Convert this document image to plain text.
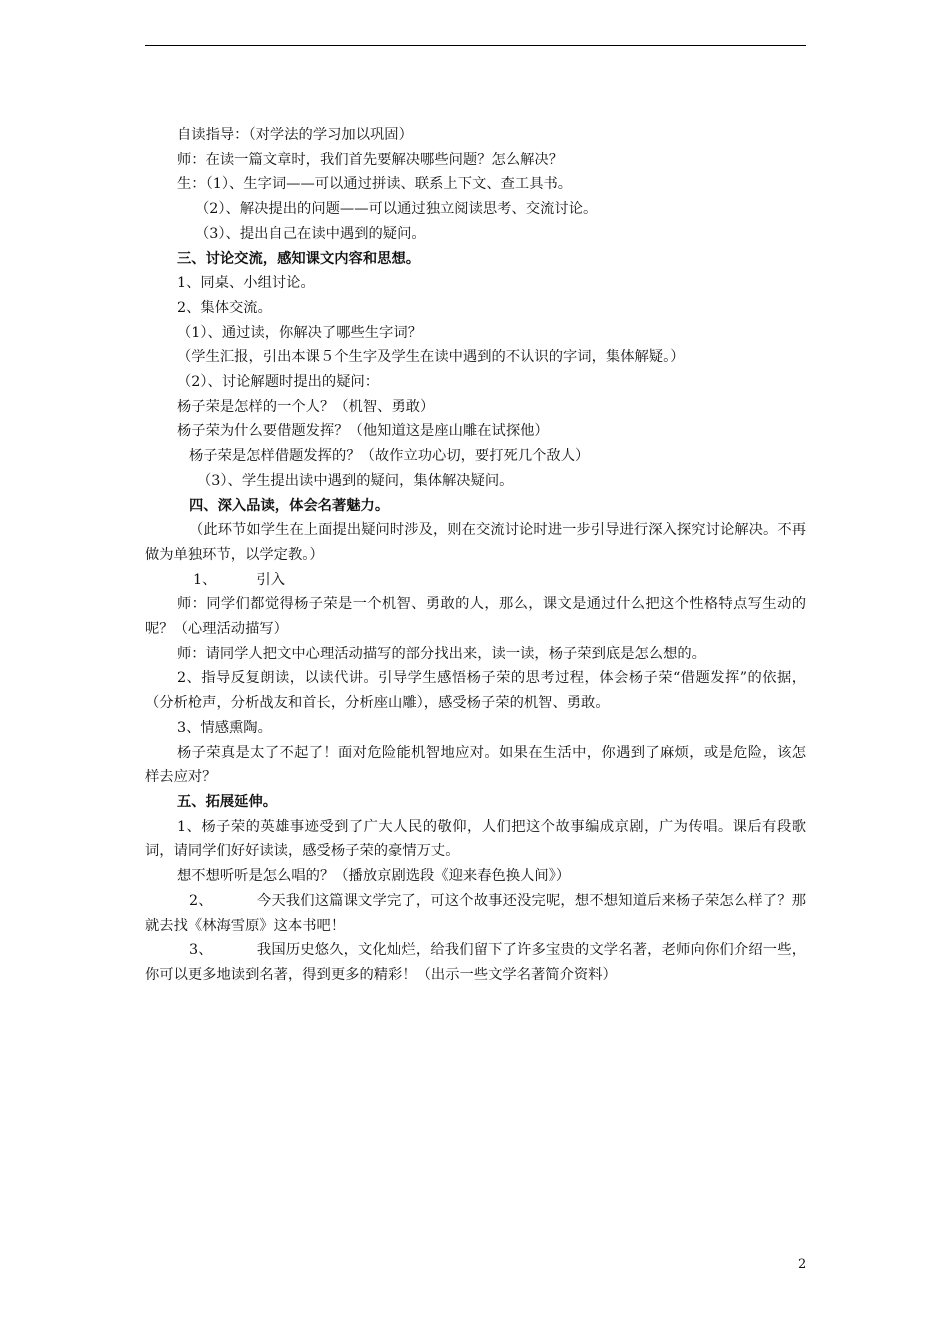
自读指导：（对学法的学习加以巩固）
师：在读一篇文章时，我们首先要解决哪些问题？怎么解决？
生：（1）、生字词——可以通过拼读、联系上下文、查工具书。
（2）、解决提出的问题——可以通过独立阅读思考、交流讨论。
（3）、提出自己在读中遇到的疑问。
三、讨论交流，感知课文内容和思想。
1、同桌、小组讨论。
2、集体交流。
（1）、通过读，你解决了哪些生字词？
（学生汇报，引出本课５个生字及学生在读中遇到的不认识的字词，集体解疑。）
（2）、讨论解题时提出的疑问：
杨子荣是怎样的一个人？（机智、勇敢）
杨子荣为什么要借题发挥？（他知道这是座山雕在试探他）
杨子荣是怎样借题发挥的？（故作立功心切，要打死几个敌人）
（3）、学生提出读中遇到的疑问，集体解决疑问。
四、深入品读，体会名著魅力。
（此环节如学生在上面提出疑问时涉及，则在交流讨论时进一步引导进行深入探究讨论解决。不再做为单独环节，以学定教。）
1、	引入
师：同学们都觉得杨子荣是一个机智、勇敢的人，那么，课文是通过什么把这个性格特点写生动的呢？（心理活动描写）
师：请同学人把文中心理活动描写的部分找出来，读一读，杨子荣到底是怎么想的。
2、指导反复朗读，以读代讲。引导学生感悟杨子荣的思考过程，体会杨子荣“借题发挥”的依据，（分析枪声，分析战友和首长，分析座山雕），感受杨子荣的机智、勇敢。
3、情感熏陶。
杨子荣真是太了不起了！面对危险能机智地应对。如果在生活中，你遇到了麻烦，或是危险，该怎样去应对？
五、拓展延伸。
1、杨子荣的英雄事迹受到了广大人民的敬仰，人们把这个故事编成京剧，广为传唱。课后有段歌词，请同学们好好读读，感受杨子荣的豪情万丈。
想不想听听是怎么唱的？（播放京剧选段《迎来春色换人间》）
2、	今天我们这篇课文学完了，可这个故事还没完呢，想不想知道后来杨子荣怎么样了？那就去找《林海雪原》这本书吧！
3、	我国历史悠久，文化灿烂，给我们留下了许多宝贵的文学名著，老师向你们介绍一些，你可以更多地读到名著，得到更多的精彩！（出示一些文学名著简介资料）
2
